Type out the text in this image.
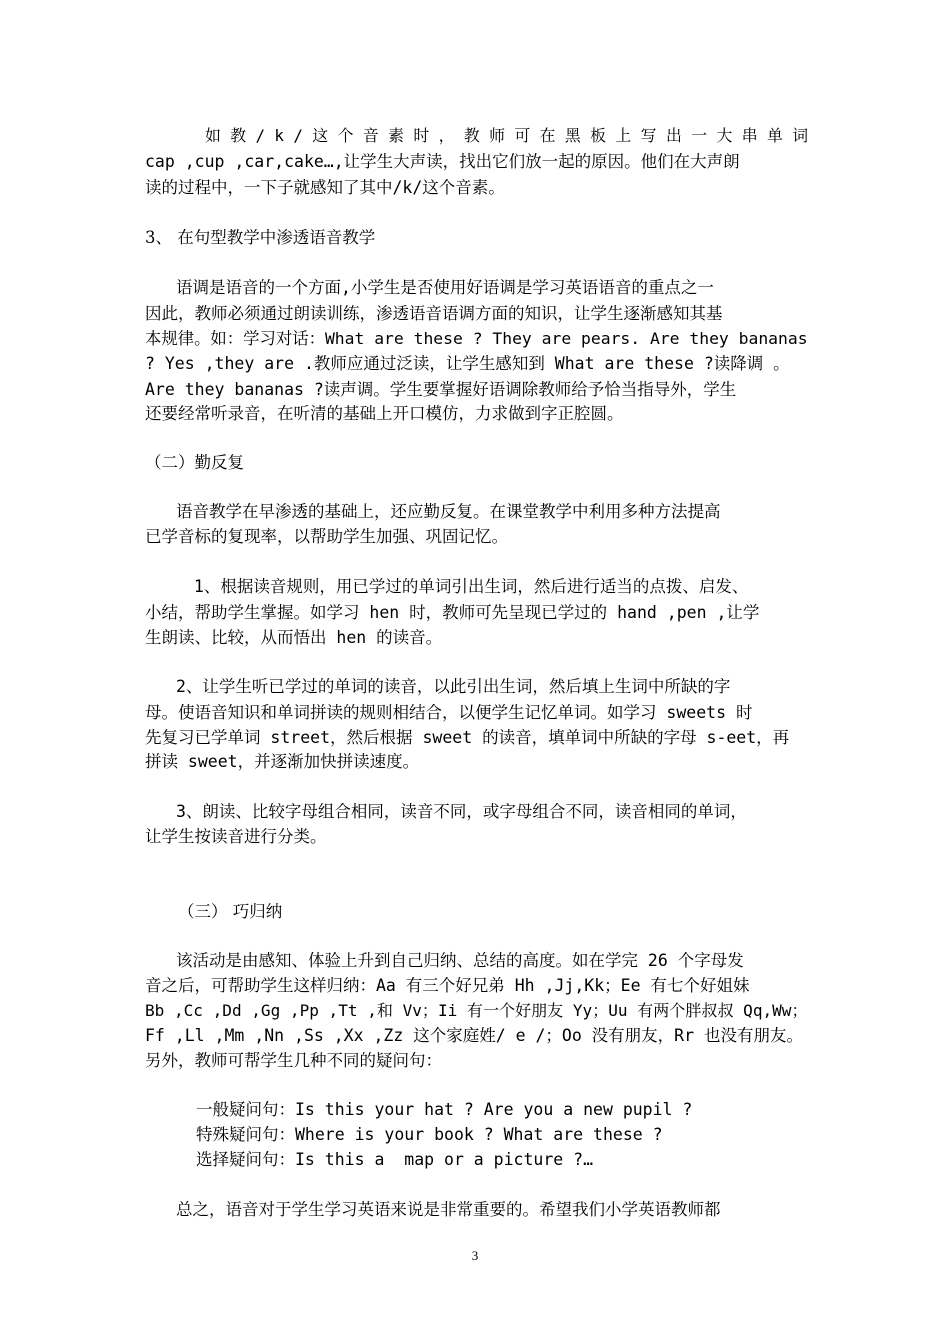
如教/k/这个音素时，教师可在黑板上写出一大串单词
cap ,cup ,car,cake…,让学生大声读，找出它们放一起的原因。他们在大声朗
读的过程中，一下子就感知了其中/k/这个音素。
3、 在句型教学中渗透语音教学
语调是语音的一个方面,小学生是否使用好语调是学习英语语音的重点之一
因此，教师必须通过朗读训练，渗透语音语调方面的知识，让学生逐渐感知其基
本规律。如：学习对话：What are these ? They are pears. Are they bananas
? Yes ,they are .教师应通过泛读，让学生感知到 What are these ?读降调 。
Are they bananas ?读声调。学生要掌握好语调除教师给予恰当指导外，学生
还要经常听录音，在听清的基础上开口模仿，力求做到字正腔圆。
（二）勤反复
语音教学在早渗透的基础上，还应勤反复。在课堂教学中利用多种方法提高
已学音标的复现率，以帮助学生加强、巩固记忆。
1、根据读音规则，用已学过的单词引出生词，然后进行适当的点拨、启发、
小结，帮助学生掌握。如学习 hen 时，教师可先呈现已学过的 hand ,pen ,让学
生朗读、比较，从而悟出 hen 的读音。
2、让学生听已学过的单词的读音，以此引出生词，然后填上生词中所缺的字
母。使语音知识和单词拼读的规则相结合，以便学生记忆单词。如学习 sweets 时
先复习已学单词 street，然后根据 sweet 的读音，填单词中所缺的字母 s-eet，再
拼读 sweet，并逐渐加快拼读速度。
3、朗读、比较字母组合相同，读音不同，或字母组合不同，读音相同的单词，
让学生按读音进行分类。
（三） 巧归纳
该活动是由感知、体验上升到自己归纳、总结的高度。如在学完 26 个字母发
音之后，可帮助学生这样归纳：Aa 有三个好兄弟 Hh ,Jj,Kk；Ee 有七个好姐妹
Bb ,Cc ,Dd ,Gg ,Pp ,Tt ,和 Vv；Ii 有一个好朋友 Yy；Uu 有两个胖叔叔 Qq,Ww；
Ff ,Ll ,Mm ,Nn ,Ss ,Xx ,Zz 这个家庭姓/ e /；Oo 没有朋友，Rr 也没有朋友。
另外，教师可帮学生几种不同的疑问句：
一般疑问句：Is this your hat ? Are you a new pupil ?
特殊疑问句：Where is your book ? What are these ?
选择疑问句：Is this a  map or a picture ?…
总之，语音对于学生学习英语来说是非常重要的。希望我们小学英语教师都
3
